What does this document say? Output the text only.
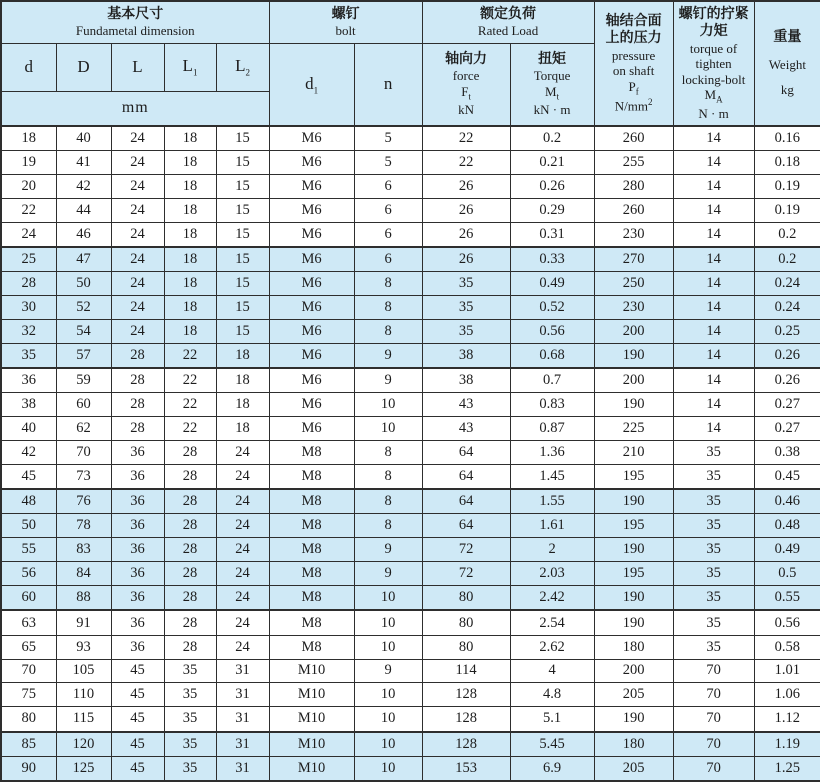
基本尺寸
Fundametal dimension

螺钉
bolt

额定负荷
Rated Load

轴结合面
上的压力
pressure
on shaft
$P_f$
$N/mm^2$

螺钉的拧紧
力矩
torque of
tighten
locking-bolt
$M_A$
N · m

重量
Weight
kg

d	D	L	$L_1$	$L_2$	$d_1$	n	
轴向力
force
$F_t$
kN

扭矩
Torque
$M_t$
kN · m

mm											
18	40	24	18	15	M6	5	22	0.2	260	14	0.16
19	41	24	18	15	M6	5	22	0.21	255	14	0.18
20	42	24	18	15	M6	6	26	0.26	280	14	0.19
22	44	24	18	15	M6	6	26	0.29	260	14	0.19
24	46	24	18	15	M6	6	26	0.31	230	14	0.2
25	47	24	18	15	M6	6	26	0.33	270	14	0.2
28	50	24	18	15	M6	8	35	0.49	250	14	0.24
30	52	24	18	15	M6	8	35	0.52	230	14	0.24
32	54	24	18	15	M6	8	35	0.56	200	14	0.25
35	57	28	22	18	M6	9	38	0.68	190	14	0.26
36	59	28	22	18	M6	9	38	0.7	200	14	0.26
38	60	28	22	18	M6	10	43	0.83	190	14	0.27
40	62	28	22	18	M6	10	43	0.87	225	14	0.27
42	70	36	28	24	M8	8	64	1.36	210	35	0.38
45	73	36	28	24	M8	8	64	1.45	195	35	0.45
48	76	36	28	24	M8	8	64	1.55	190	35	0.46
50	78	36	28	24	M8	8	64	1.61	195	35	0.48
55	83	36	28	24	M8	9	72	2	190	35	0.49
56	84	36	28	24	M8	9	72	2.03	195	35	0.5
60	88	36	28	24	M8	10	80	2.42	190	35	0.55
63	91	36	28	24	M8	10	80	2.54	190	35	0.56
65	93	36	28	24	M8	10	80	2.62	180	35	0.58
70	105	45	35	31	M10	9	114	4	200	70	1.01
75	110	45	35	31	M10	10	128	4.8	205	70	1.06
80	115	45	35	31	M10	10	128	5.1	190	70	1.12
85	120	45	35	31	M10	10	128	5.45	180	70	1.19
90	125	45	35	31	M10	10	153	6.9	205	70	1.25
